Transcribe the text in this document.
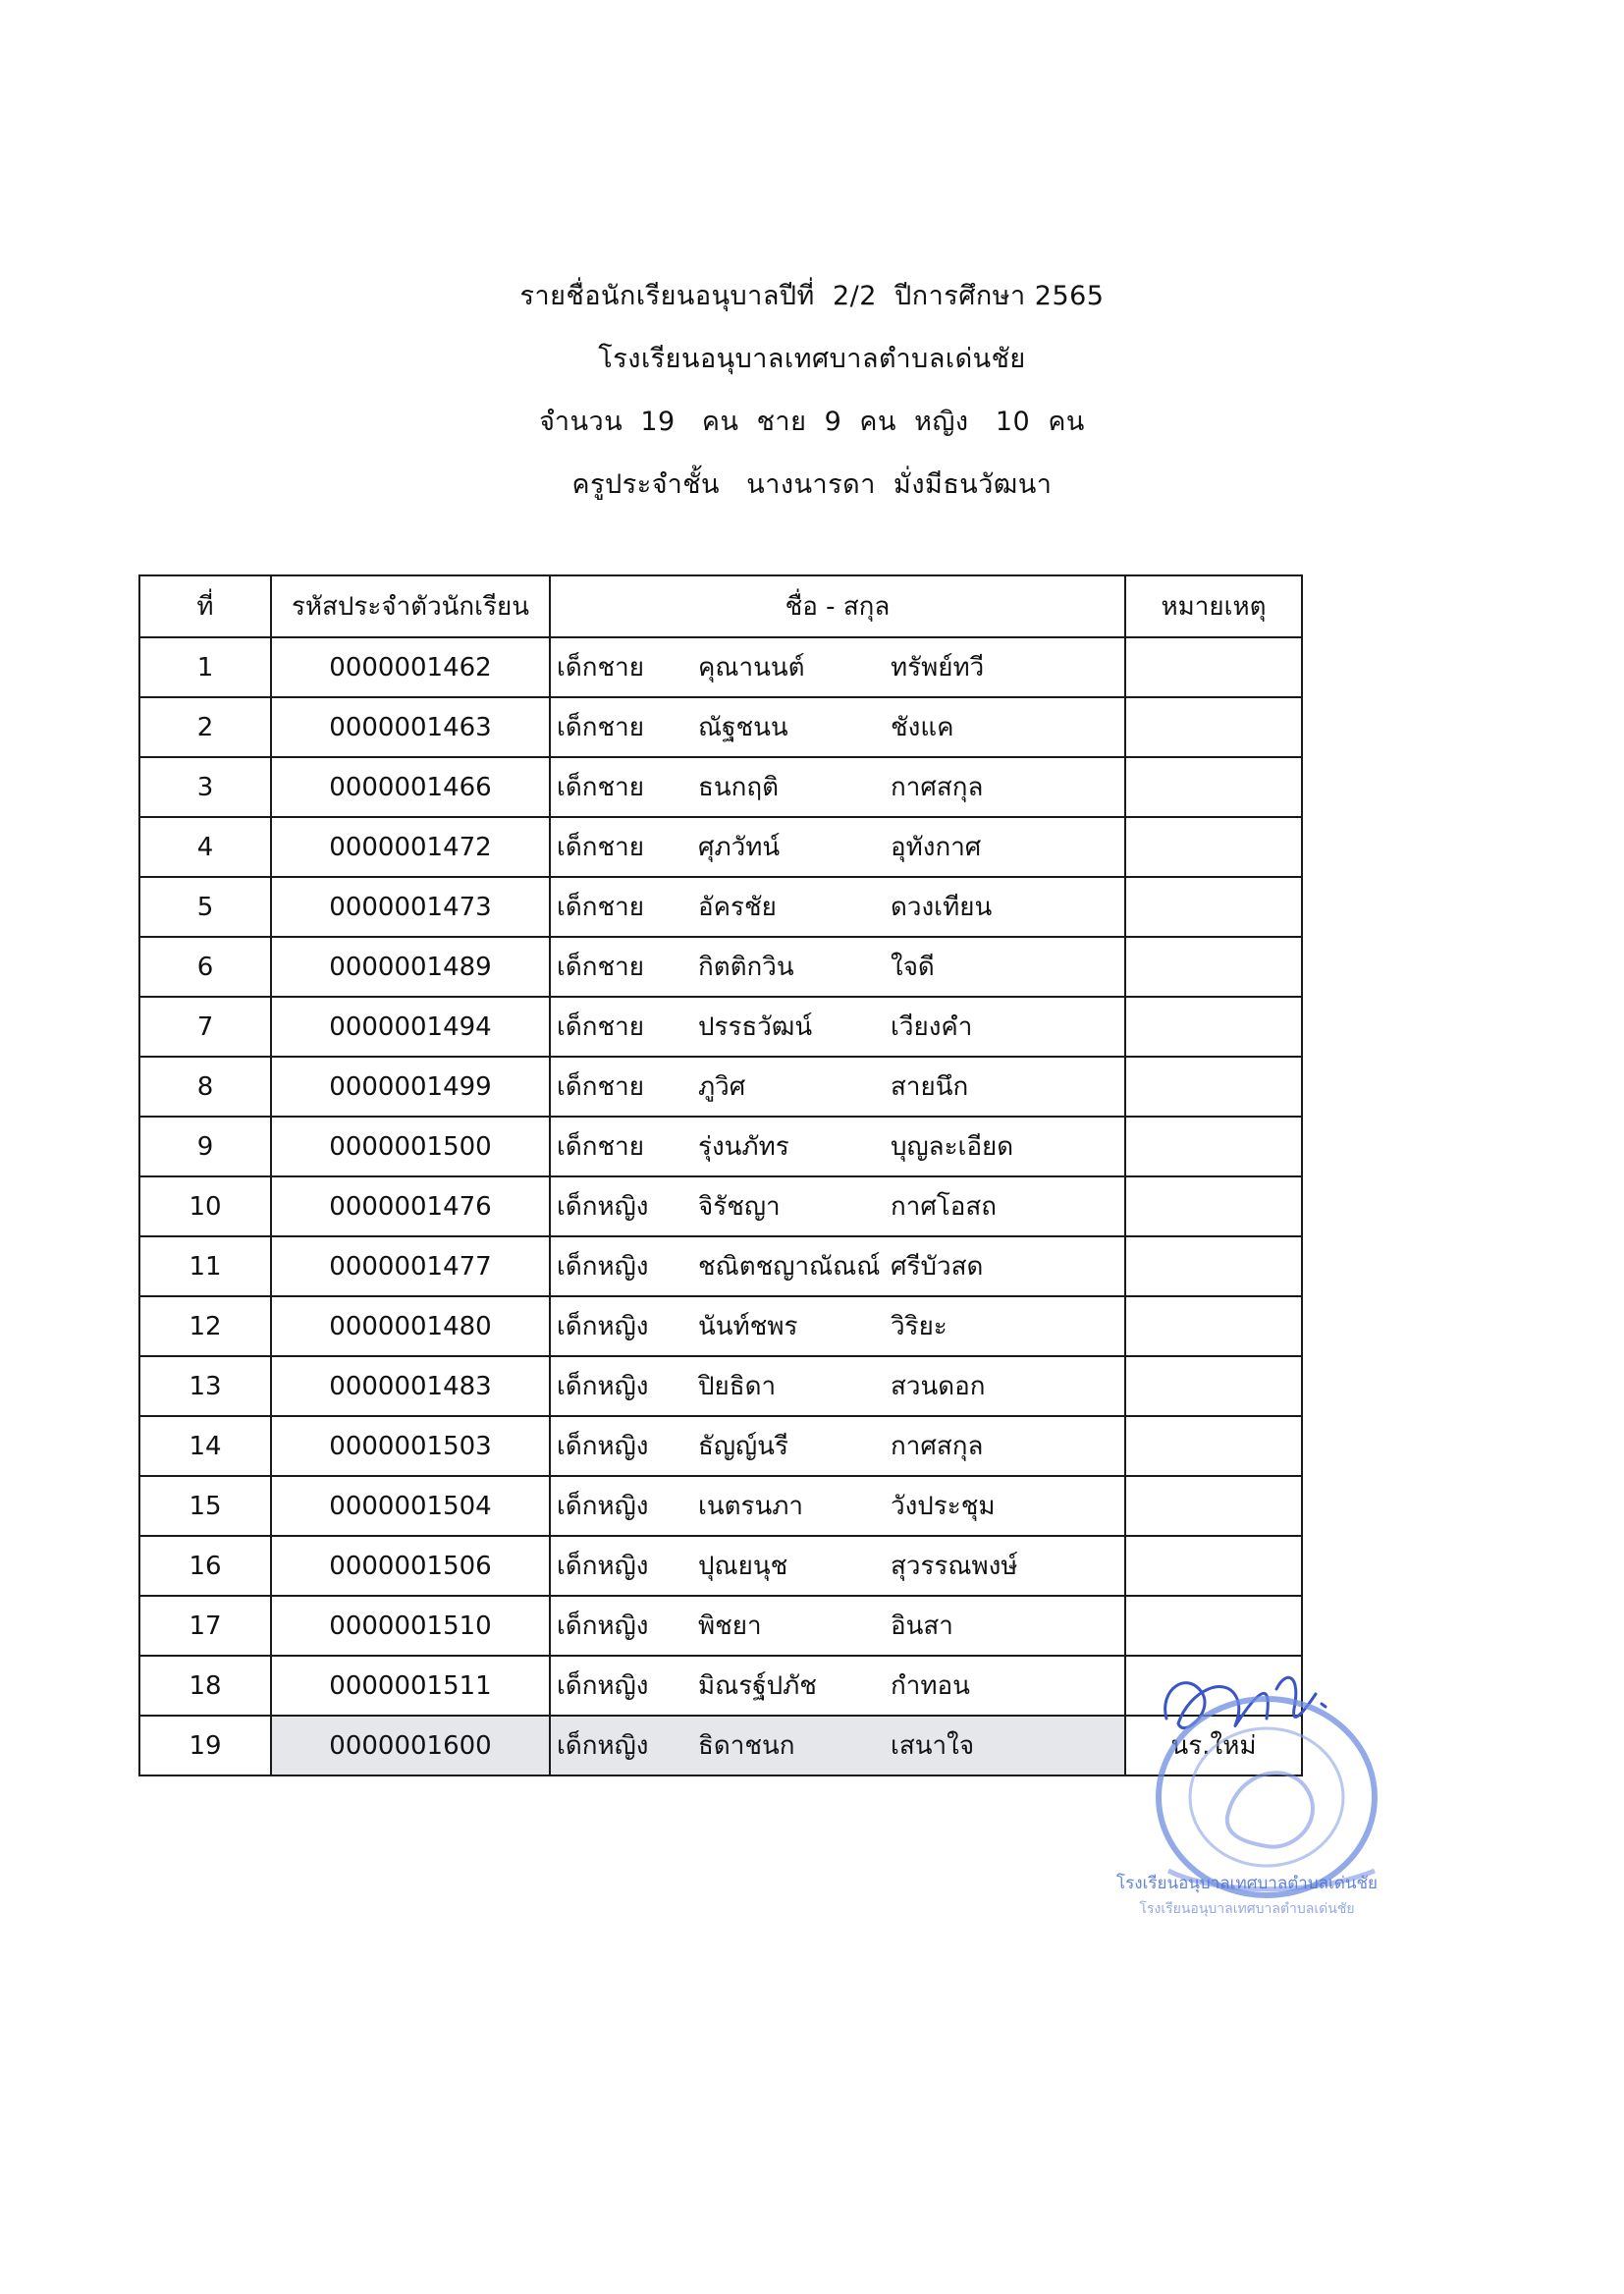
รายชื่อนักเรียนอนุบาลปีที่  2/2  ปีการศึกษา 2565
โรงเรียนอนุบาลเทศบาลตำบลเด่นชัย
จำนวน  19   คน  ชาย  9  คน  หญิง   10  คน
ครูประจำชั้น   นางนารดา  มั่งมีธนวัฒนา
ที่	รหัสประจำตัวนักเรียน	ชื่อ - สกุล	หมายเหตุ
1	0000001462	เด็กชาย คุณานนต์ ทรัพย์ทวี	

2	0000001463	เด็กชาย ณัฐชนน ชังแค	

3	0000001466	เด็กชาย ธนกฤติ กาศสกุล	

4	0000001472	เด็กชาย ศุภวัทน์ อุทังกาศ	

5	0000001473	เด็กชาย อัครชัย ดวงเทียน	

6	0000001489	เด็กชาย กิตติกวิน ใจดี	

7	0000001494	เด็กชาย ปรรธวัฒน์ เวียงคำ	

8	0000001499	เด็กชาย ภูวิศ สายนึก	

9	0000001500	เด็กชาย รุ่งนภัทร บุญละเอียด	

10	0000001476	เด็กหญิง จิรัชญา กาศโอสถ	

11	0000001477	เด็กหญิง ชณิตชญาณัณณ์ ศรีบัวสด	

12	0000001480	เด็กหญิง นันท์ชพร วิริยะ	

13	0000001483	เด็กหญิง ปิยธิดา สวนดอก	

14	0000001503	เด็กหญิง ธัญญ์นรี กาศสกุล	

15	0000001504	เด็กหญิง เนตรนภา วังประชุม	

16	0000001506	เด็กหญิง ปุณยนุช สุวรรณพงษ์	

17	0000001510	เด็กหญิง พิชยา อินสา	

18	0000001511	เด็กหญิง มิณรฐ์ปภัช กำทอน	

19	0000001600	เด็กหญิง ธิดาชนก เสนาใจ	นร.ใหม่
โรงเรียนอนุบาลเทศบาลตำบลเด่นชัย
โรงเรียนอนุบาลเทศบาลตำบลเด่นชัย
